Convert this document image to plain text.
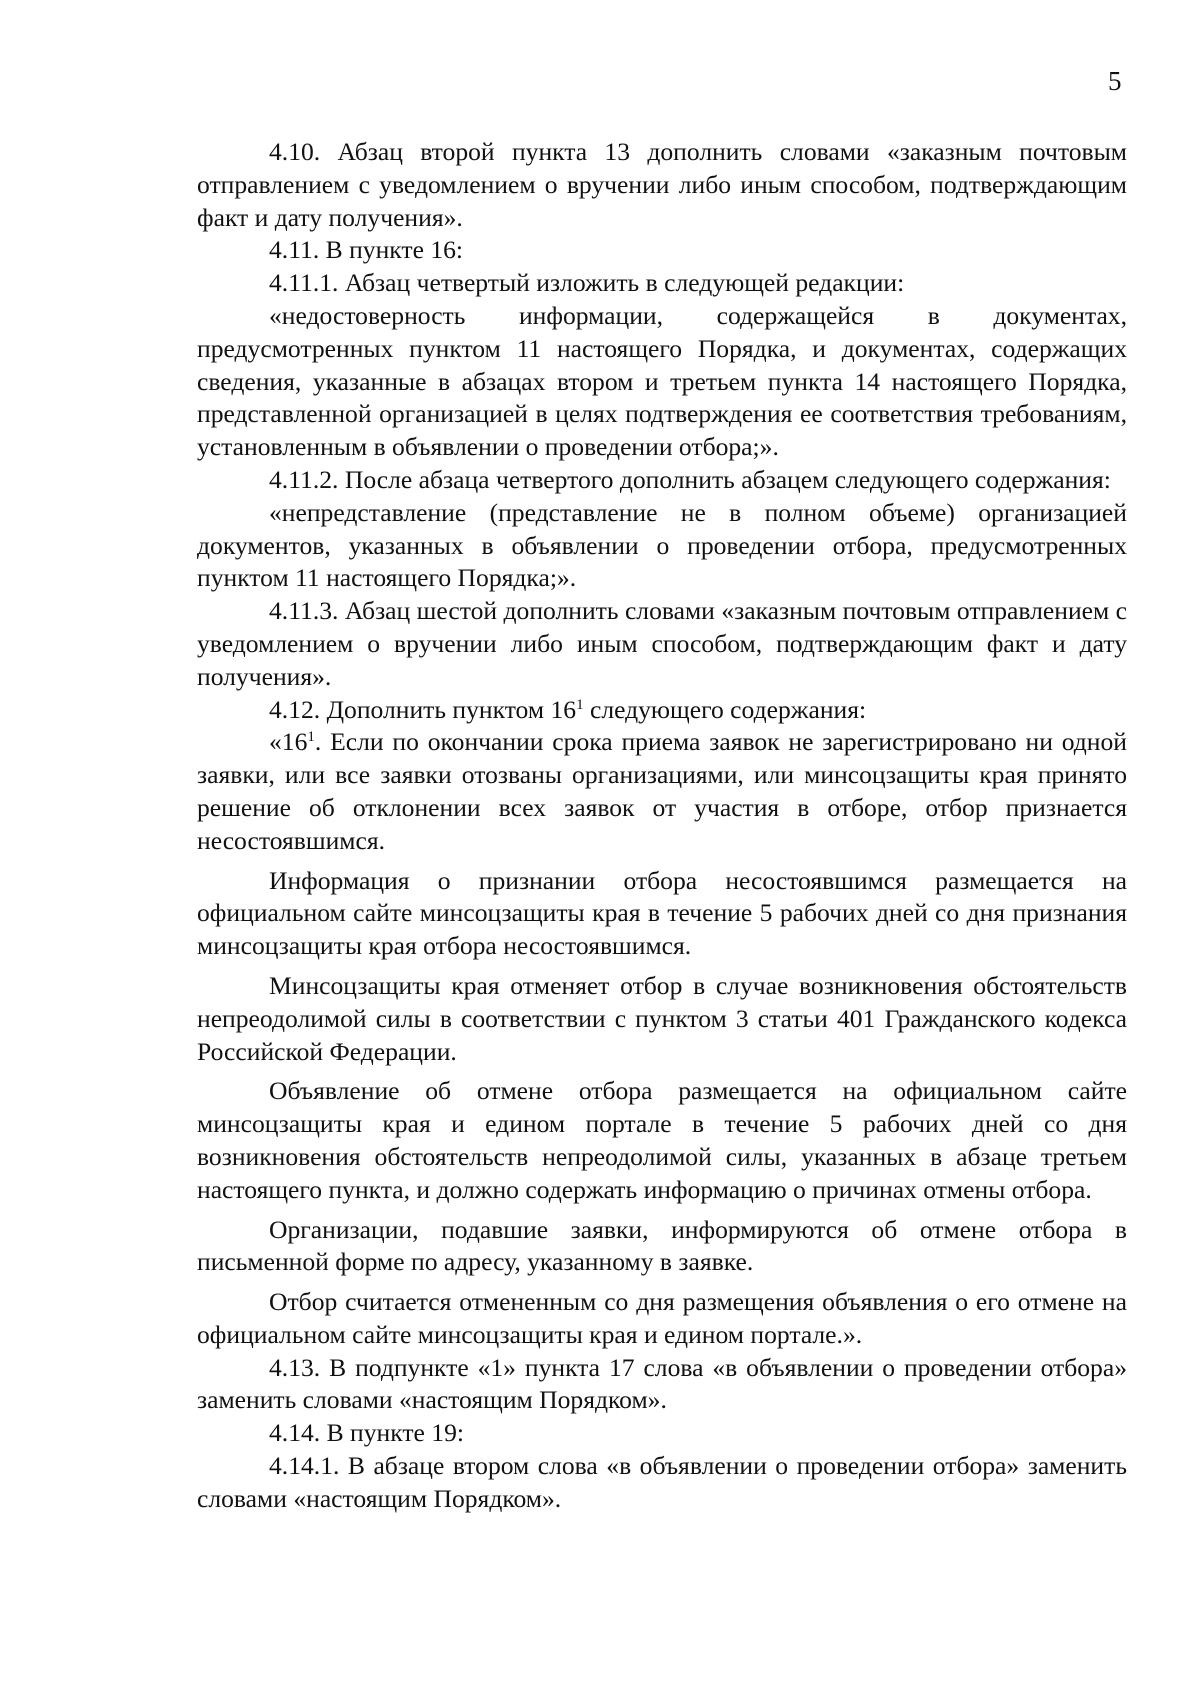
5

4.10. Абзац второй пункта 13 дополнить словами «заказным почтовым отправлением с уведомлением о вручении либо иным способом, подтверждающим факт и дату получения».

4.11. В пункте 16:

4.11.1. Абзац четвертый изложить в следующей редакции:

«недостоверность информации, содержащейся в документах, предусмотренных пунктом 11 настоящего Порядка, и документах, содержащих сведения, указанные в абзацах втором и третьем пункта 14 настоящего Порядка, представленной организацией в целях подтверждения ее соответствия требованиям, установленным в объявлении о проведении отбора;».

4.11.2. После абзаца четвертого дополнить абзацем следующего содержания:

«непредставление (представление не в полном объеме) организацией документов, указанных в объявлении о проведении отбора, предусмотренных пунктом 11 настоящего Порядка;».

4.11.3. Абзац шестой дополнить словами «заказным почтовым отправлением с уведомлением о вручении либо иным способом, подтверждающим факт и дату получения».

4.12. Дополнить пунктом $16^1$ следующего содержания:

«$16^1$. Если по окончании срока приема заявок не зарегистрировано ни одной заявки, или все заявки отозваны организациями, или минсоцзащиты края принято решение об отклонении всех заявок от участия в отборе, отбор признается несостоявшимся.

Информация о признании отбора несостоявшимся размещается на официальном сайте минсоцзащиты края в течение 5 рабочих дней со дня признания минсоцзащиты края отбора несостоявшимся.

Минсоцзащиты края отменяет отбор в случае возникновения обстоятельств непреодолимой силы в соответствии с пунктом 3 статьи 401 Гражданского кодекса Российской Федерации.

Объявление об отмене отбора размещается на официальном сайте минсоцзащиты края и едином портале в течение 5 рабочих дней со дня возникновения обстоятельств непреодолимой силы, указанных в абзаце третьем настоящего пункта, и должно содержать информацию о причинах отмены отбора.

Организации, подавшие заявки, информируются об отмене отбора в письменной форме по адресу, указанному в заявке.

Отбор считается отмененным со дня размещения объявления о его отмене на официальном сайте минсоцзащиты края и едином портале.».

4.13. В подпункте «1» пункта 17 слова «в объявлении о проведении отбора» заменить словами «настоящим Порядком».

4.14. В пункте 19:

4.14.1. В абзаце втором слова «в объявлении о проведении отбора» заменить словами «настоящим Порядком».
